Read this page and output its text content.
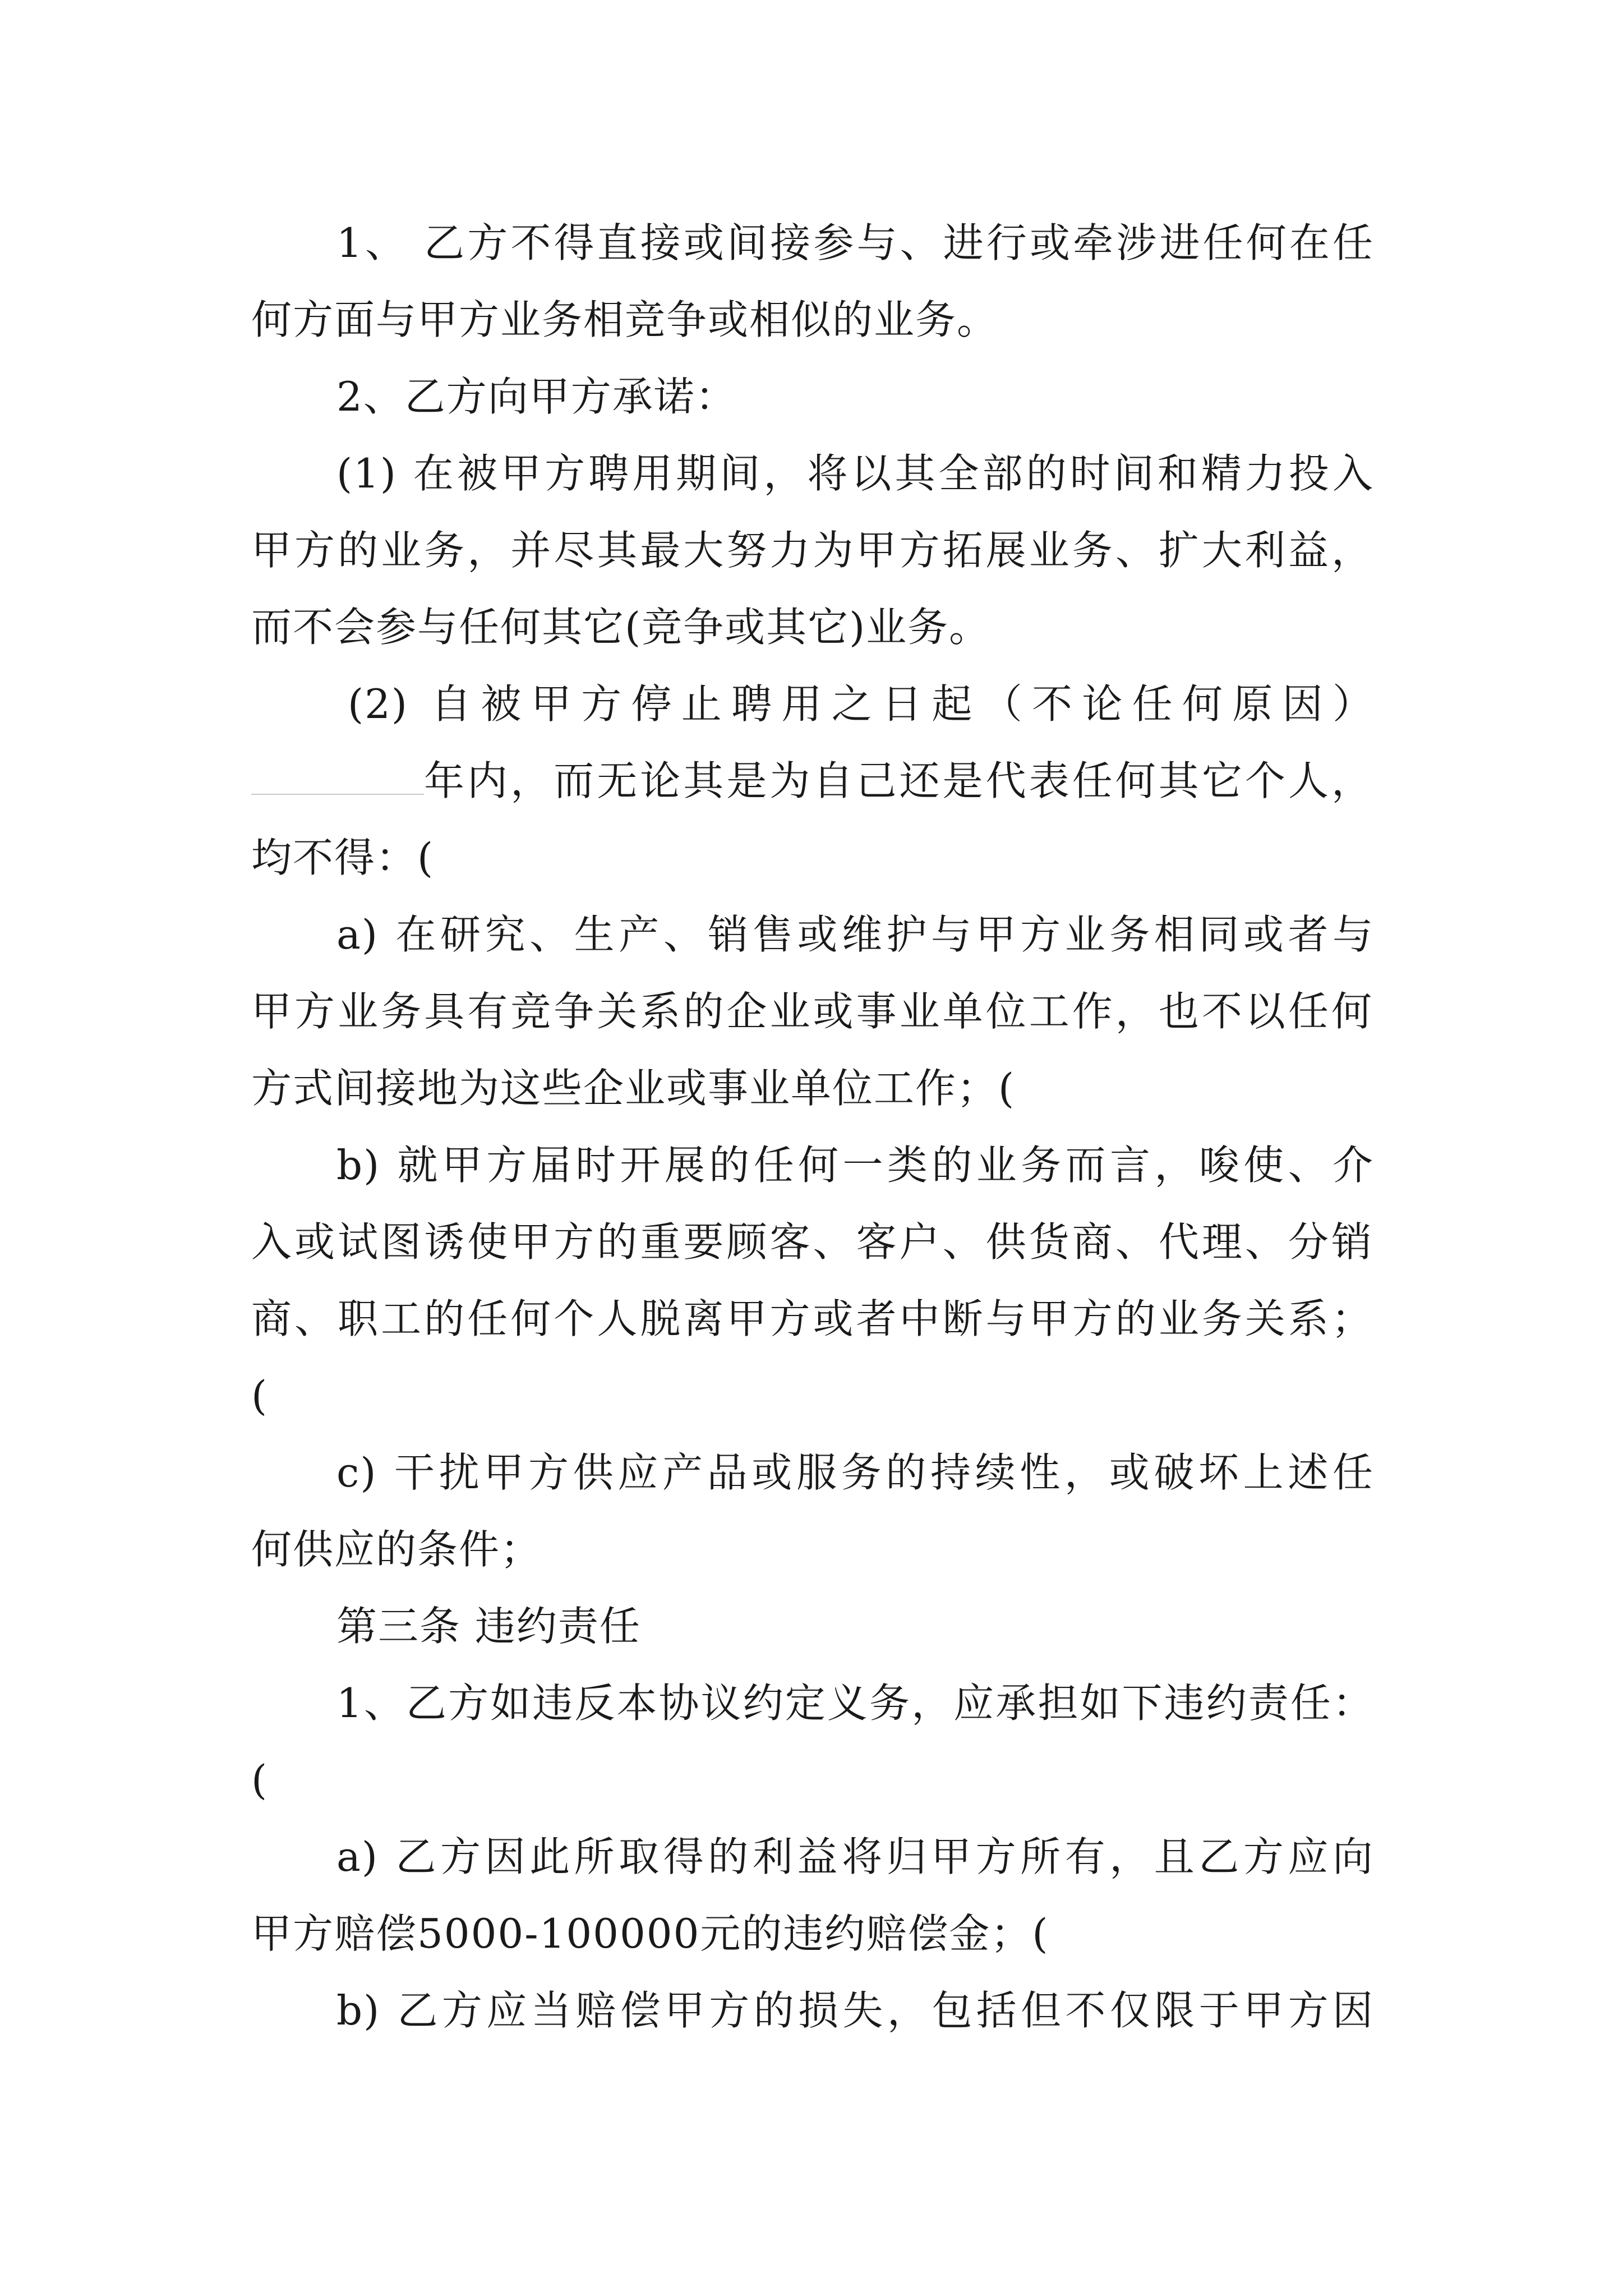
1、 乙方不得直接或间接参与、进行或牵涉进任何在任
何方面与甲方业务相竞争或相似的业务。
2、乙方向甲方承诺：
(1) 在被甲方聘用期间，将以其全部的时间和精力投入
甲方的业务，并尽其最大努力为甲方拓展业务、扩大利益，
而不会参与任何其它(竞争或其它)业务。
(2) 自被甲方停止聘用之日起（不论任何原因）
年内，而无论其是为自己还是代表任何其它个人，
均不得：(
a) 在研究、生产、销售或维护与甲方业务相同或者与
甲方业务具有竞争关系的企业或事业单位工作，也不以任何
方式间接地为这些企业或事业单位工作；(
b) 就甲方届时开展的任何一类的业务而言，唆使、介
入或试图诱使甲方的重要顾客、客户、供货商、代理、分销
商、职工的任何个人脱离甲方或者中断与甲方的业务关系；
(
c) 干扰甲方供应产品或服务的持续性，或破坏上述任
何供应的条件；
第三条 违约责任
1、乙方如违反本协议约定义务，应承担如下违约责任：
(
a) 乙方因此所取得的利益将归甲方所有，且乙方应向
甲方赔偿5000-100000元的违约赔偿金；(
b) 乙方应当赔偿甲方的损失，包括但不仅限于甲方因
